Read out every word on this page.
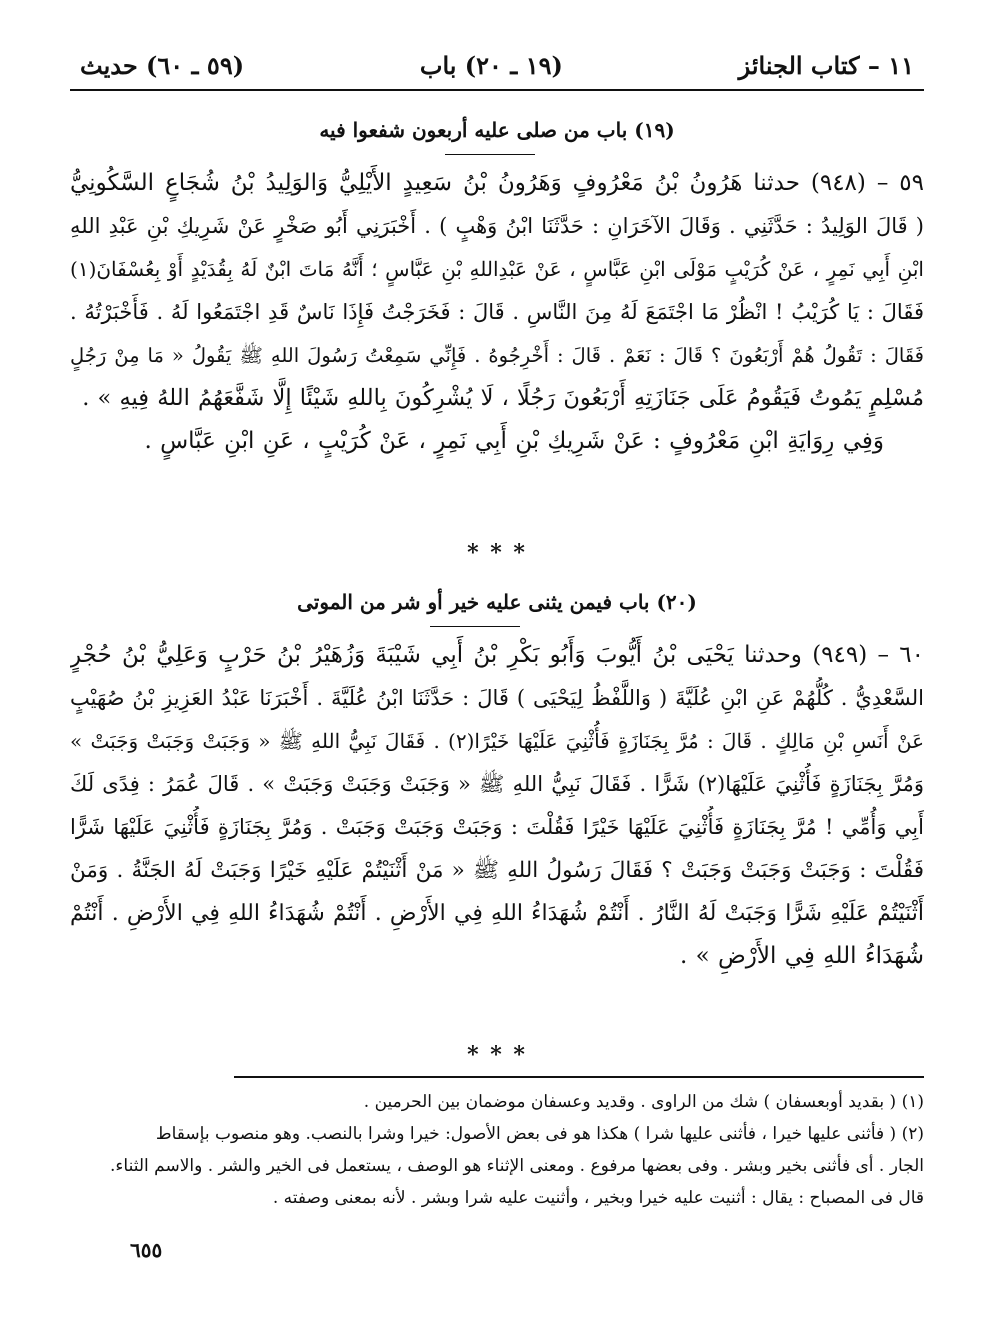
١١ – كتاب الجنائز
(١٩ ـ ٢٠) باب
(٥٩ ـ ٦٠) حديث
(١٩) باب من صلى عليه أربعون شفعوا فيه
٥٩ – (٩٤٨) حدثنا هَرُونُ بْنُ مَعْرُوفٍ وَهَرُونُ بْنُ سَعِيدٍ الأَيْلِيُّ وَالوَلِيدُ بْنُ شُجَاعٍ السَّكُونِيُّ
( قَالَ الوَلِيدُ : حَدَّثَنِي . وَقَالَ الآخَرَانِ : حَدَّثَنَا ابْنُ وَهْبٍ ) . أَخْبَرَنِي أَبُو صَخْرٍ عَنْ شَرِيكِ بْنِ عَبْدِ اللهِ
ابْنِ أَبِي نَمِرٍ ، عَنْ كُرَيْبٍ مَوْلَى ابْنِ عَبَّاسٍ ، عَنْ عَبْدِاللهِ بْنِ عَبَّاسٍ ؛ أَنَّهُ مَاتَ ابْنٌ لَهُ بِقُدَيْدٍ أَوْ بِعُسْفَانَ(١)
فَقَالَ : يَا كُرَيْبُ ! انْظُرْ مَا اجْتَمَعَ لَهُ مِنَ النَّاسِ . قَالَ : فَخَرَجْتُ فَإِذَا نَاسٌ قَدِ اجْتَمَعُوا لَهُ . فَأَخْبَرْتُهُ .
فَقَالَ : تَقُولُ هُمْ أَرْبَعُونَ ؟ قَالَ : نَعَمْ . قَالَ : أَخْرِجُوهُ . فَإِنِّي سَمِعْتُ رَسُولَ اللهِ ﷺ يَقُولُ « مَا مِنْ رَجُلٍ
مُسْلِمٍ يَمُوتُ فَيَقُومُ عَلَى جَنَازَتِهِ أَرْبَعُونَ رَجُلًا ، لَا يُشْرِكُونَ بِاللهِ شَيْئًا إِلَّا شَفَّعَهُمُ اللهُ فِيهِ » .
وَفِي رِوَايَةِ ابْنِ مَعْرُوفٍ : عَنْ شَرِيكِ بْنِ أَبِي نَمِرٍ ، عَنْ كُرَيْبٍ ، عَنِ ابْنِ عَبَّاسٍ .
* * *
(٢٠) باب فيمن يثنى عليه خير أو شر من الموتى
٦٠ – (٩٤٩) وحدثنا يَحْيَى بْنُ أَيُّوبَ وَأَبُو بَكْرِ بْنُ أَبِي شَيْبَةَ وَزُهَيْرُ بْنُ حَرْبٍ وَعَلِيُّ بْنُ حُجْرٍ
السَّعْدِيُّ . كُلُّهُمْ عَنِ ابْنِ عُلَيَّةَ ( وَاللَّفْظُ لِيَحْيَى ) قَالَ : حَدَّثَنَا ابْنُ عُلَيَّةَ . أَخْبَرَنَا عَبْدُ العَزِيزِ بْنُ صُهَيْبٍ
عَنْ أَنَسِ بْنِ مَالِكٍ . قَالَ : مُرَّ بِجَنَازَةٍ فَأُثْنِيَ عَلَيْهَا خَيْرًا(٢) . فَقَالَ نَبِيُّ اللهِ ﷺ « وَجَبَتْ وَجَبَتْ وَجَبَتْ »
وَمُرَّ بِجَنَازَةٍ فَأُثْنِيَ عَلَيْهَا(٢) شَرًّا . فَقَالَ نَبِيُّ اللهِ ﷺ « وَجَبَتْ وَجَبَتْ وَجَبَتْ » . قَالَ عُمَرُ : فِدًى لَكَ
أَبِي وَأُمِّي ! مُرَّ بِجَنَازَةٍ فَأُثْنِيَ عَلَيْهَا خَيْرًا فَقُلْتَ : وَجَبَتْ وَجَبَتْ وَجَبَتْ . وَمُرَّ بِجَنَازَةٍ فَأُثْنِيَ عَلَيْهَا شَرًّا
فَقُلْتَ : وَجَبَتْ وَجَبَتْ وَجَبَتْ ؟ فَقَالَ رَسُولُ اللهِ ﷺ « مَنْ أَثْنَيْتُمْ عَلَيْهِ خَيْرًا وَجَبَتْ لَهُ الجَنَّةُ . وَمَنْ
أَثْنَيْتُمْ عَلَيْهِ شَرًّا وَجَبَتْ لَهُ النَّارُ . أَنْتُمْ شُهَدَاءُ اللهِ فِي الأَرْضِ . أَنْتُمْ شُهَدَاءُ اللهِ فِي الأَرْضِ . أَنْتُمْ
شُهَدَاءُ اللهِ فِي الأَرْضِ » .
* * *
(١) ( بقديد أوبعسفان ) شك من الراوى . وقديد وعسفان موضمان بين الحرمين .
(٢) ( فأثنى عليها خيرا ، فأثنى عليها شرا ) هكذا هو فى بعض الأصول: خيرا وشرا بالنصب. وهو منصوب بإسقاط
الجار . أى فأثنى بخير وبشر . وفى بعضها مرفوع . ومعنى الإثناء هو الوصف ، يستعمل فى الخير والشر . والاسم الثناء.
قال فى المصباح : يقال : أثنيت عليه خيرا وبخير ، وأثنيت عليه شرا وبشر . لأنه بمعنى وصفته .
٦٥٥
